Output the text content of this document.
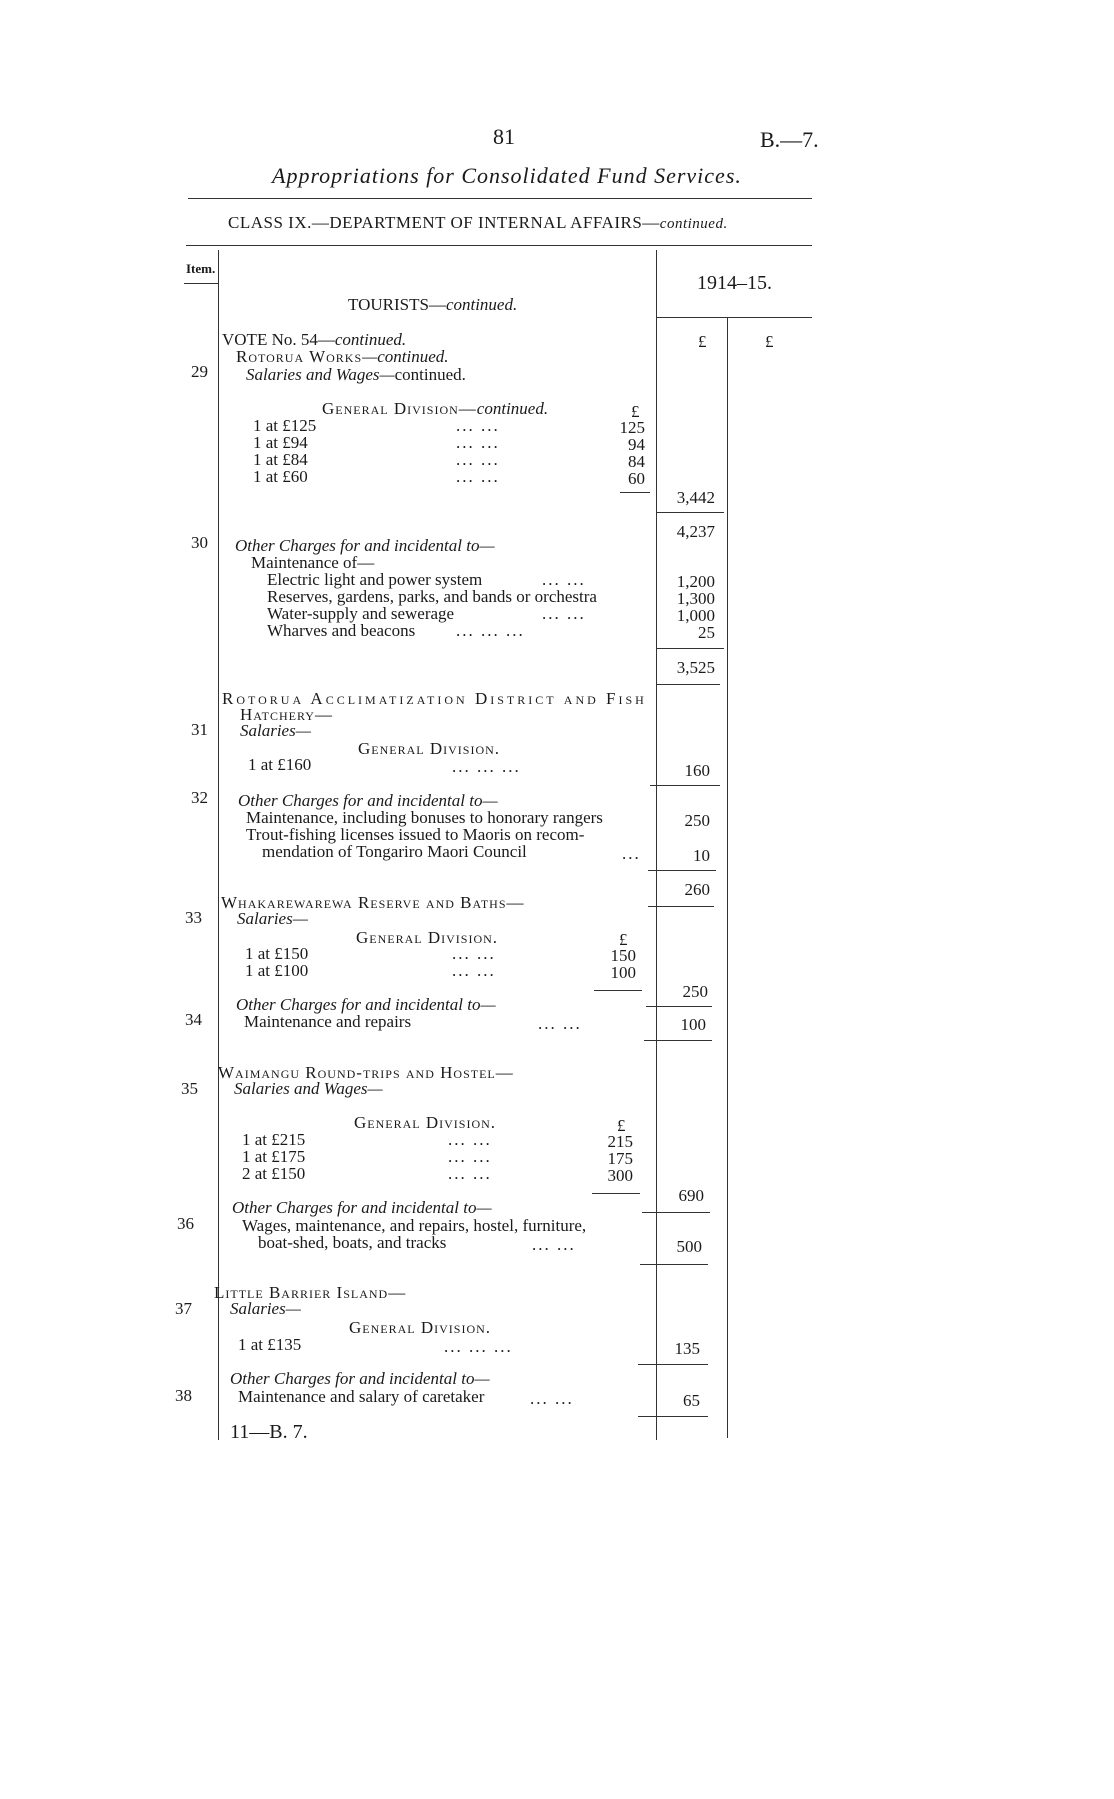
81	B.—7.
Appropriations for Consolidated Fund Services.
CLASS IX.—DEPARTMENT OF INTERNAL AFFAIRS—continued.
Item.
1914–15.
£	£
TOURISTS—continued.
VOTE No. 54—continued.
Rotorua Works—continued.
29 Salaries and Wages—continued.
General Division—continued.	£
1 at £125	... ...	125
1 at £94	... ...	94
1 at £84	... ...	84
1 at £60	... ...	60
3,442
4,237
30 Other Charges for and incidental to—
Maintenance of—
Electric light and power system	... ...	1,200
Reserves, gardens, parks, and bands or orchestra	1,300
Water-supply and sewerage	... ...	1,000
Wharves and beacons ... ... ...	25
3,525
Rotorua Acclimatization District and Fish
Hatchery—
31 Salaries—
General Division.
1 at £160	... ... ...	160
32 Other Charges for and incidental to—
Maintenance, including bonuses to honorary rangers	250
Trout-fishing licenses issued to Maoris on recom-
mendation of Tongariro Maori Council	...	10
260
Whakarewarewa Reserve and Baths—
33 Salaries—
General Division.	£
1 at £150	... ...	150
1 at £100	... ...	100
250
Other Charges for and incidental to—
34 Maintenance and repairs	... ...	100
Waimangu Round-trips and Hostel—
35 Salaries and Wages—
General Division.	£
1 at £215	... ...	215
1 at £175	... ...	175
2 at £150	... ...	300
690
Other Charges for and incidental to—
36	Wages, maintenance, and repairs, hostel, furniture,
boat-shed, boats, and tracks	... ...	500
Little Barrier Island—
37 Salaries—
General Division.
1 at £135	... ... ...	135
Other Charges for and incidental to—
38	Maintenance and salary of caretaker	... ...	65
11—B. 7.
